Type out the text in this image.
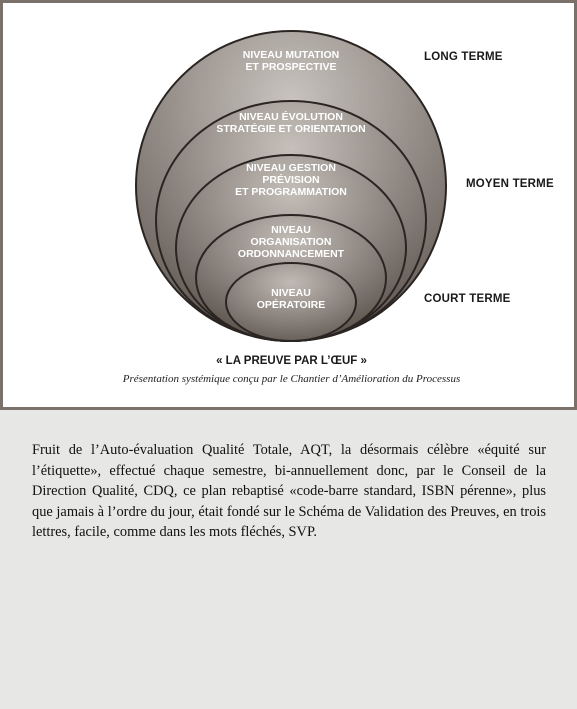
NIVEAU MUTATION
ET PROSPECTIVE
NIVEAU ÉVOLUTION
STRATÉGIE ET ORIENTATION
NIVEAU GESTION
PRÉVISION
ET PROGRAMMATION
NIVEAU
ORGANISATION
ORDONNANCEMENT
NIVEAU
OPÉRATOIRE
LONG TERME
MOYEN TERME
COURT TERME
« LA PREUVE PAR L’ŒUF »
Présentation systémique conçu par le Chantier d’Amélioration du Processus

Fruit de l’Auto-évaluation Qualité Totale, AQT, la désormais célèbre «équité sur l’étiquette», effectué chaque semestre, bi-annuellement donc, par le Conseil de la Direction Qualité, CDQ, ce plan rebaptisé «code-barre standard, ISBN pérenne», plus que jamais à l’ordre du jour, était fondé sur le Schéma de Validation des Preuves, en trois lettres, facile, comme dans les mots fléchés, SVP.
